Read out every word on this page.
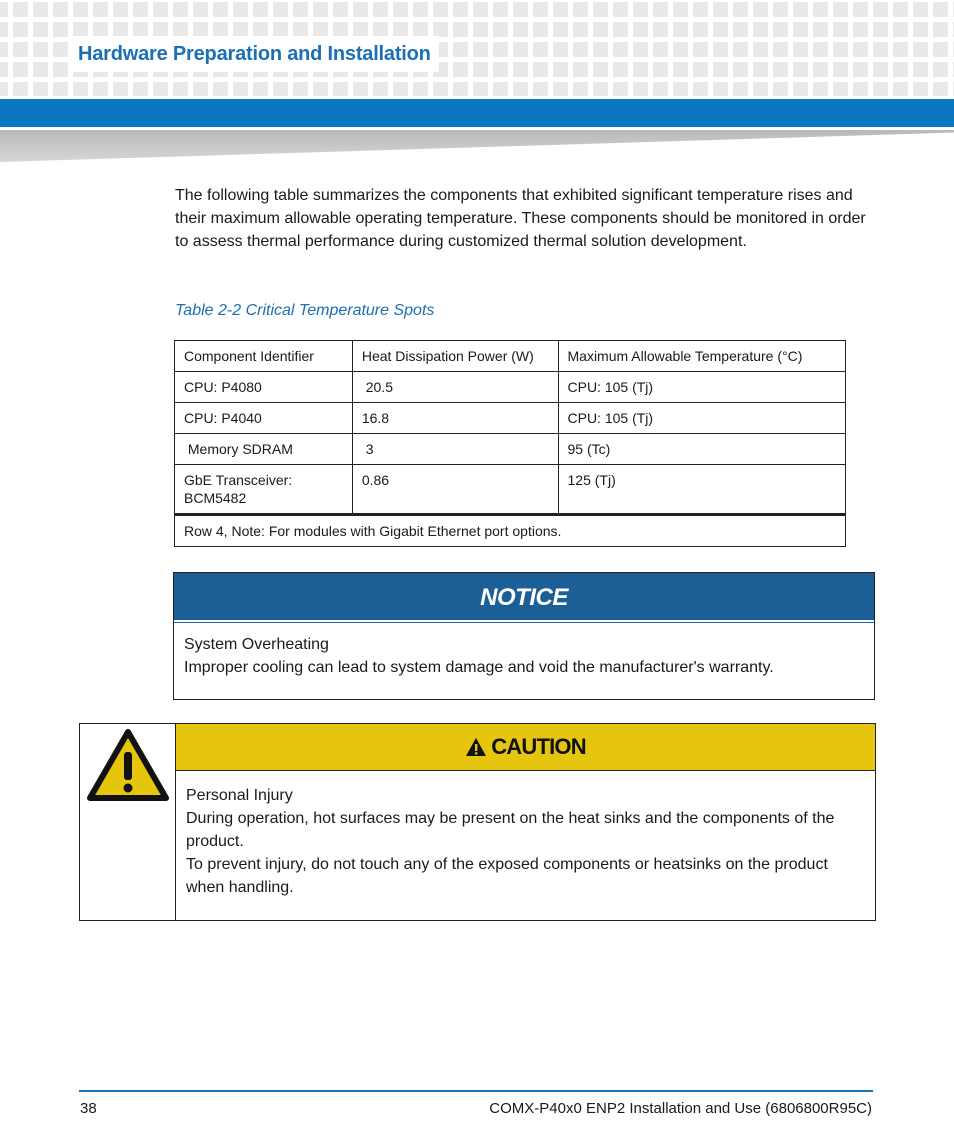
Hardware Preparation and Installation

The following table summarizes the components that exhibited significant temperature rises and their maximum allowable operating temperature. These components should be monitored in order to assess thermal performance during customized thermal solution development.

Table 2-2 Critical Temperature Spots

Component Identifier	Heat Dissipation Power (W)	Maximum Allowable Temperature (°C)
CPU: P4080	20.5	CPU: 105 (Tj)
CPU: P4040	16.8	CPU: 105 (Tj)
Memory SDRAM	3	95 (Tc)
GbE Transceiver: BCM5482	0.86	125 (Tj)
Row 4, Note: For modules with Gigabit Ethernet port options.		
NOTICE
System Overheating
Improper cooling can lead to system damage and void the manufacturer's warranty.
CAUTION

Personal Injury

During operation, hot surfaces may be present on the heat sinks and the components of the product.

To prevent injury, do not touch any of the exposed components or heatsinks on the product when handling.

38	COMX-P40x0 ENP2 Installation and Use (6806800R95C)
